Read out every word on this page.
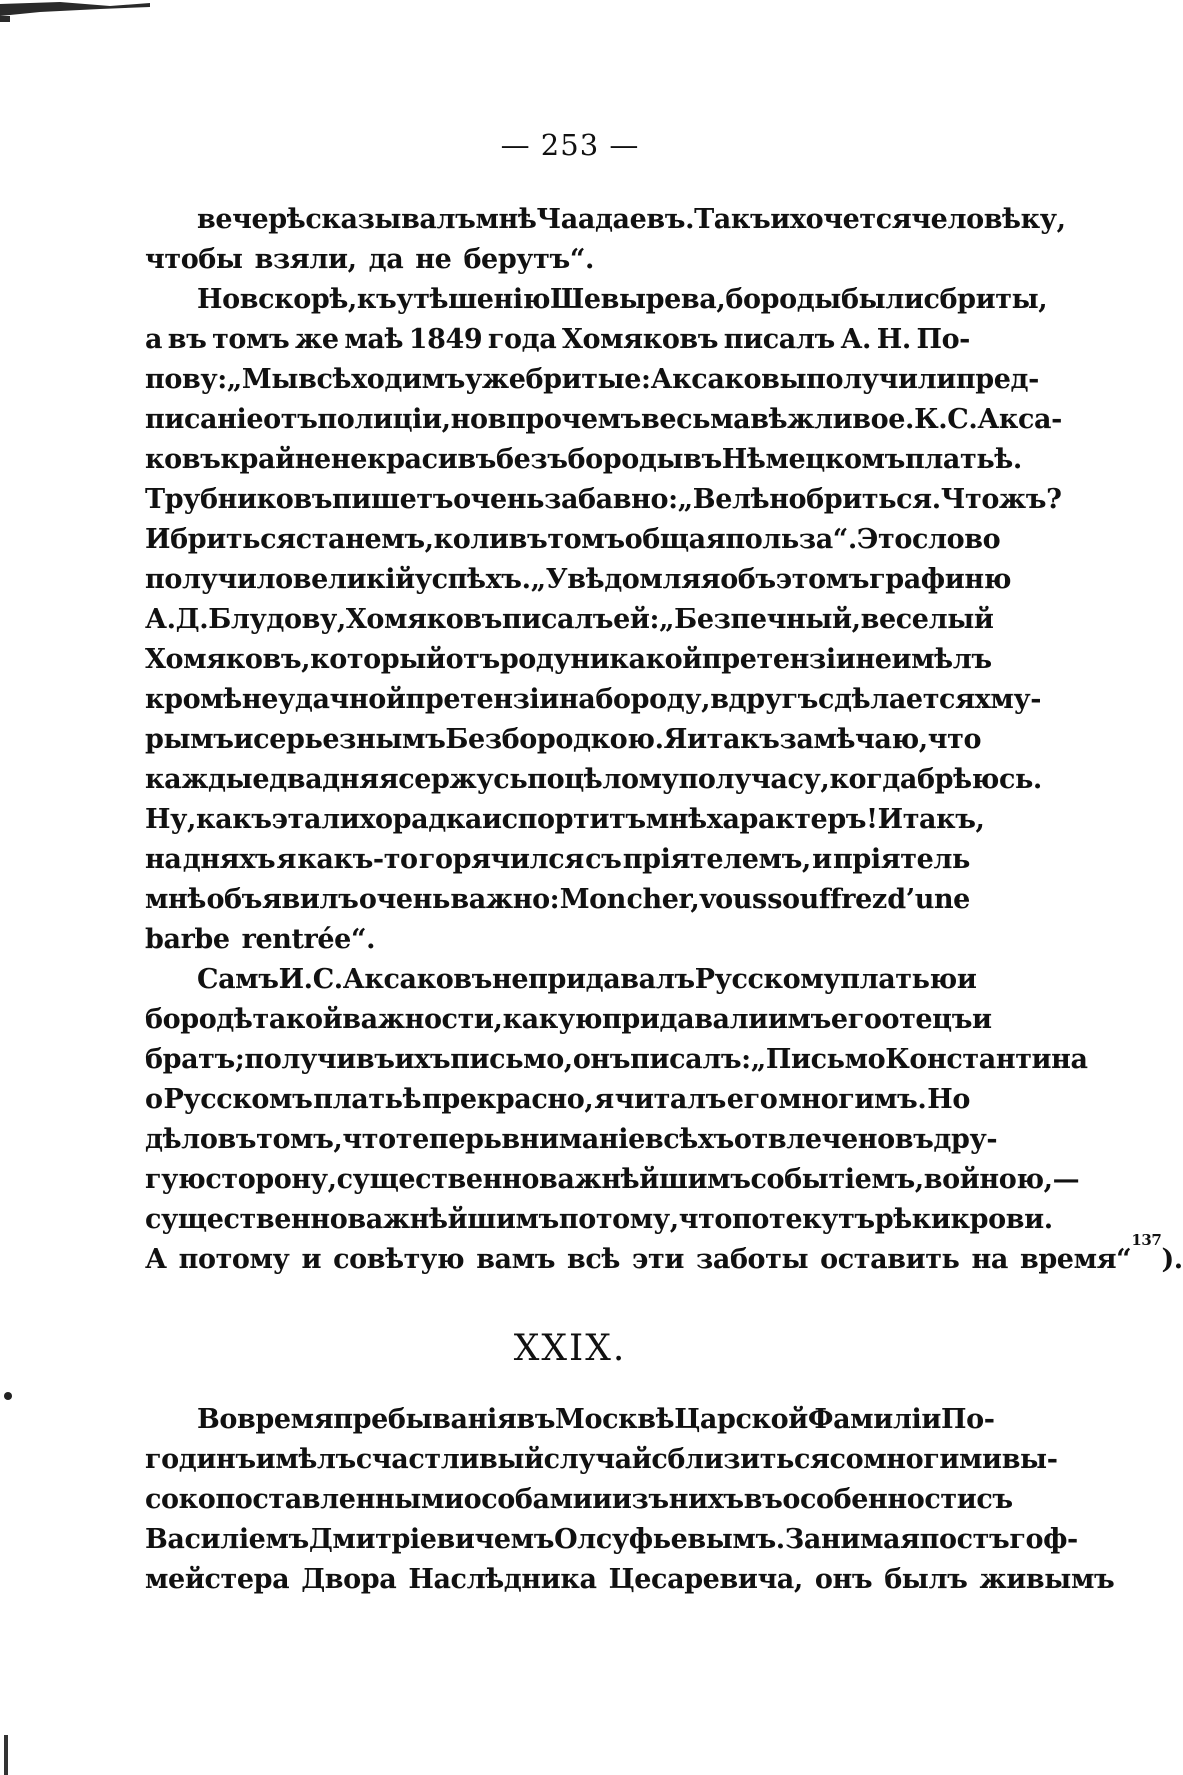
— 253 —
вечерѣ сказывалъ мнѣ Чаадаевъ. Такъ и хочется человѣку,
чтобы взяли, да не берутъ“.
Но вскорѣ, къ утѣшенію Шевырева, бороды были сбриты,
а въ томъ же маѣ 1849 года Хомяковъ писалъ А. Н. По-
пову: „Мы всѣ ходимъ уже бритые: Аксаковы получили пред-
писаніе отъ полиціи, но впрочемъ весьма вѣжливое. К. С. Акса-
ковъ крайне некрасивъ безъ бороды въ Нѣмецкомъ платьѣ.
Трубниковъ пишетъ очень забавно: „Велѣно бриться. Чтожъ?
И бриться станемъ, коли въ томъ общая польза“. Это слово
получило великій успѣхъ. „Увѣдомляя объ этомъ графиню
А. Д. Блудову, Хомяковъ писалъ ей: „Безпечный, веселый
Хомяковъ, который отъ роду никакой претензіи не имѣлъ
кромѣ неудачной претензіи на бороду, вдругъ сдѣлается хму-
рымъ и серьезнымъ Безбородкою. Я и такъ замѣчаю, что
каждые два дня я сержусь по цѣлому получасу, когда брѣюсь.
Ну, какъ эта лихорадка испортитъ мнѣ характеръ! Итакъ,
на дняхъ я какъ-то горячился съ пріятелемъ, и пріятель
мнѣ объявилъ очень важно: Mon cher, vous souffrez d’une
barbe rentrée“.
Самъ И. С. Аксаковъ не придавалъ Русскому платью и
бородѣ такой важности, какую придавали имъ его отецъ и
братъ; получивъ ихъ письмо, онъ писалъ: „Письмо Константина
о Русскомъ платьѣ прекрасно, я читалъ его многимъ. Но
дѣло въ томъ, что теперь вниманіе всѣхъ отвлечено въ дру-
гую сторону, существенно важнѣйшимъ событіемъ, войною,—
существенно важнѣйшимъ потому, что потекутъ рѣки крови.
А потому и совѣтую вамъ всѣ эти заботы оставить на время“
137
).
XXIX.
Во время пребыванія въ Москвѣ Царской Фамиліи По-
годинъ имѣлъ счастливый случай сблизиться со многими вы-
сокопоставленными особами и изъ нихъ въ особенности съ
Василіемъ Дмитріевичемъ Олсуфьевымъ. Занимая постъ гоф-
мейстера Двора Наслѣдника Цесаревича, онъ былъ живымъ
